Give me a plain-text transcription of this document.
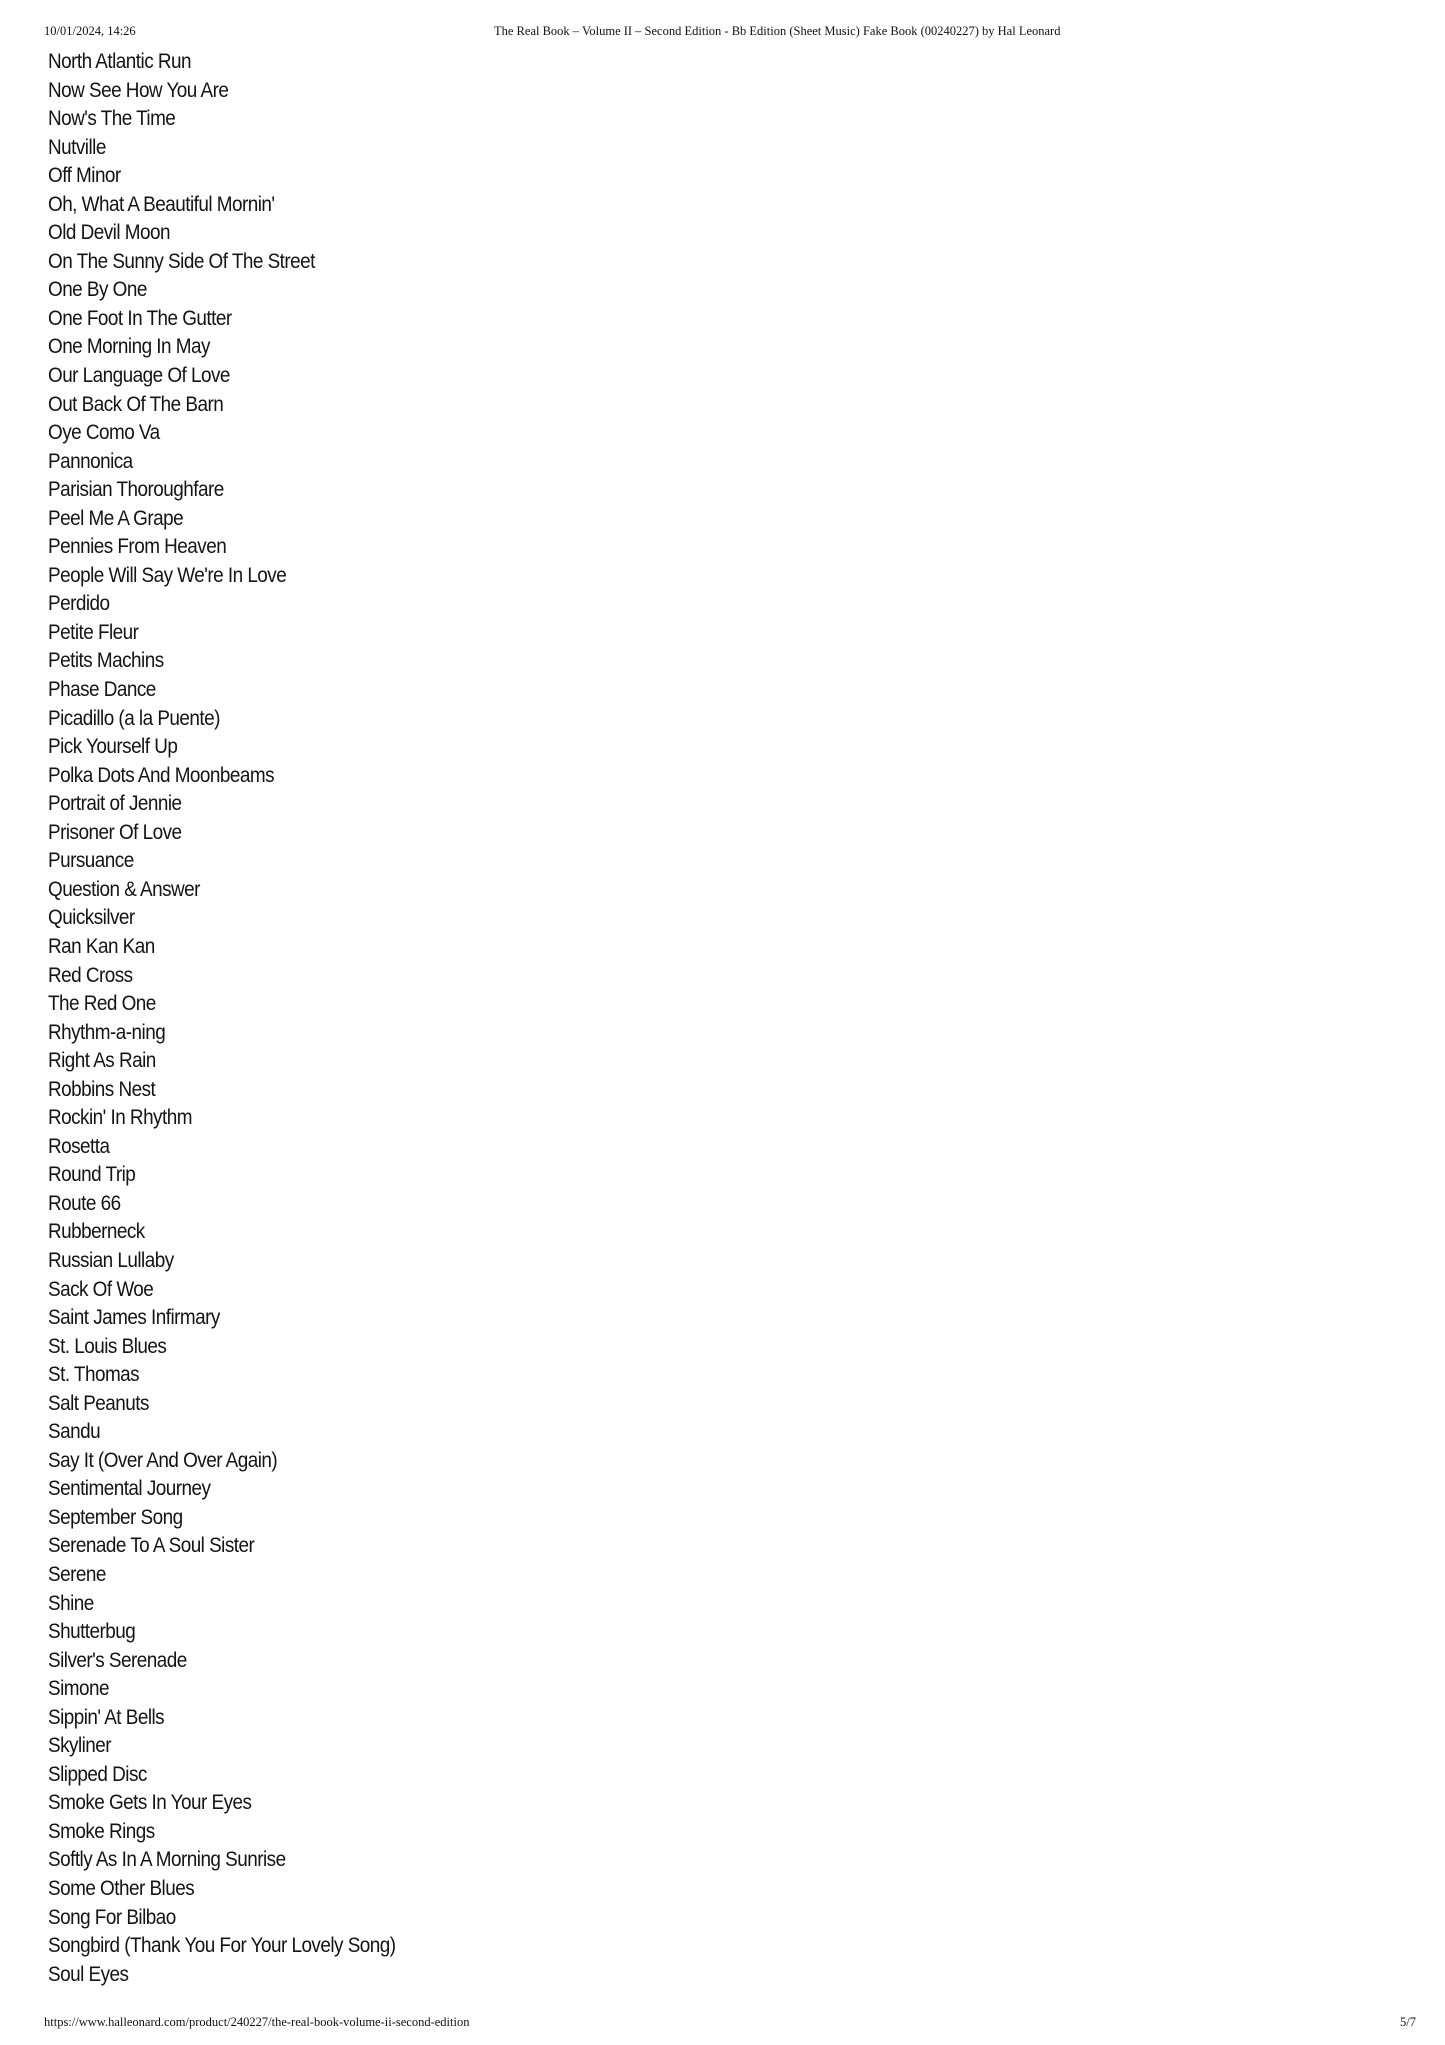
10/01/2024, 14:26	The Real Book – Volume II – Second Edition - Bb Edition (Sheet Music) Fake Book (00240227) by Hal Leonard
North Atlantic Run
Now See How You Are
Now's The Time
Nutville
Off Minor
Oh, What A Beautiful Mornin'
Old Devil Moon
On The Sunny Side Of The Street
One By One
One Foot In The Gutter
One Morning In May
Our Language Of Love
Out Back Of The Barn
Oye Como Va
Pannonica
Parisian Thoroughfare
Peel Me A Grape
Pennies From Heaven
People Will Say We're In Love
Perdido
Petite Fleur
Petits Machins
Phase Dance
Picadillo (a la Puente)
Pick Yourself Up
Polka Dots And Moonbeams
Portrait of Jennie
Prisoner Of Love
Pursuance
Question & Answer
Quicksilver
Ran Kan Kan
Red Cross
The Red One
Rhythm-a-ning
Right As Rain
Robbins Nest
Rockin' In Rhythm
Rosetta
Round Trip
Route 66
Rubberneck
Russian Lullaby
Sack Of Woe
Saint James Infirmary
St. Louis Blues
St. Thomas
Salt Peanuts
Sandu
Say It (Over And Over Again)
Sentimental Journey
September Song
Serenade To A Soul Sister
Serene
Shine
Shutterbug
Silver's Serenade
Simone
Sippin' At Bells
Skyliner
Slipped Disc
Smoke Gets In Your Eyes
Smoke Rings
Softly As In A Morning Sunrise
Some Other Blues
Song For Bilbao
Songbird (Thank You For Your Lovely Song)
Soul Eyes
https://www.halleonard.com/product/240227/the-real-book-volume-ii-second-edition	5/7
